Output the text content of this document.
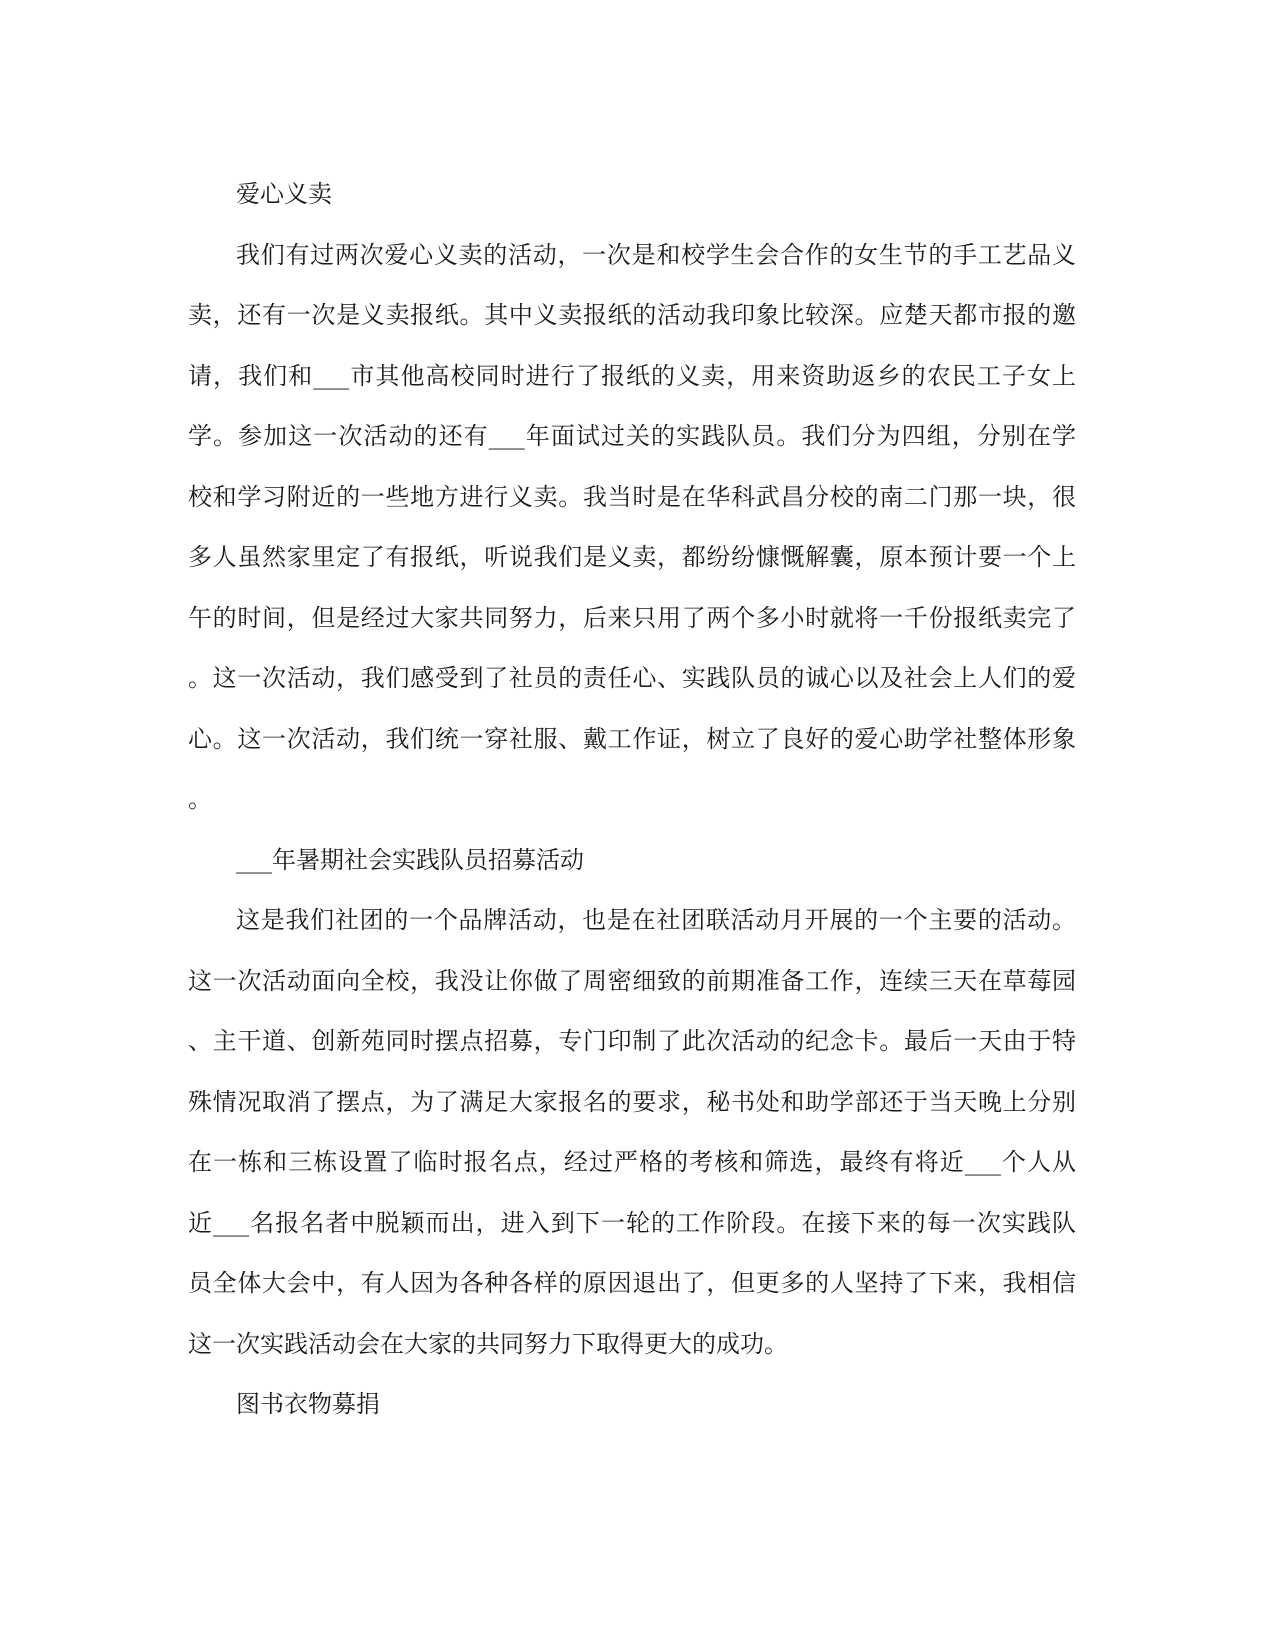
爱心义卖
我们有过两次爱心义卖的活动，一次是和校学生会合作的女生节的手工艺品义
卖，还有一次是义卖报纸。其中义卖报纸的活动我印象比较深。应楚天都市报的邀
请，我们和___市其他高校同时进行了报纸的义卖，用来资助返乡的农民工子女上
学。参加这一次活动的还有___年面试过关的实践队员。我们分为四组，分别在学
校和学习附近的一些地方进行义卖。我当时是在华科武昌分校的南二门那一块，很
多人虽然家里定了有报纸，听说我们是义卖，都纷纷慷慨解囊，原本预计要一个上
午的时间，但是经过大家共同努力，后来只用了两个多小时就将一千份报纸卖完了
。这一次活动，我们感受到了社员的责任心、实践队员的诚心以及社会上人们的爱
心。这一次活动，我们统一穿社服、戴工作证，树立了良好的爱心助学社整体形象
。
___年暑期社会实践队员招募活动
这是我们社团的一个品牌活动，也是在社团联活动月开展的一个主要的活动。
这一次活动面向全校，我没让你做了周密细致的前期准备工作，连续三天在草莓园
、主干道、创新苑同时摆点招募，专门印制了此次活动的纪念卡。最后一天由于特
殊情况取消了摆点，为了满足大家报名的要求，秘书处和助学部还于当天晚上分别
在一栋和三栋设置了临时报名点，经过严格的考核和筛选，最终有将近___个人从
近___名报名者中脱颖而出，进入到下一轮的工作阶段。在接下来的每一次实践队
员全体大会中，有人因为各种各样的原因退出了，但更多的人坚持了下来，我相信
这一次实践活动会在大家的共同努力下取得更大的成功。
图书衣物募捐
